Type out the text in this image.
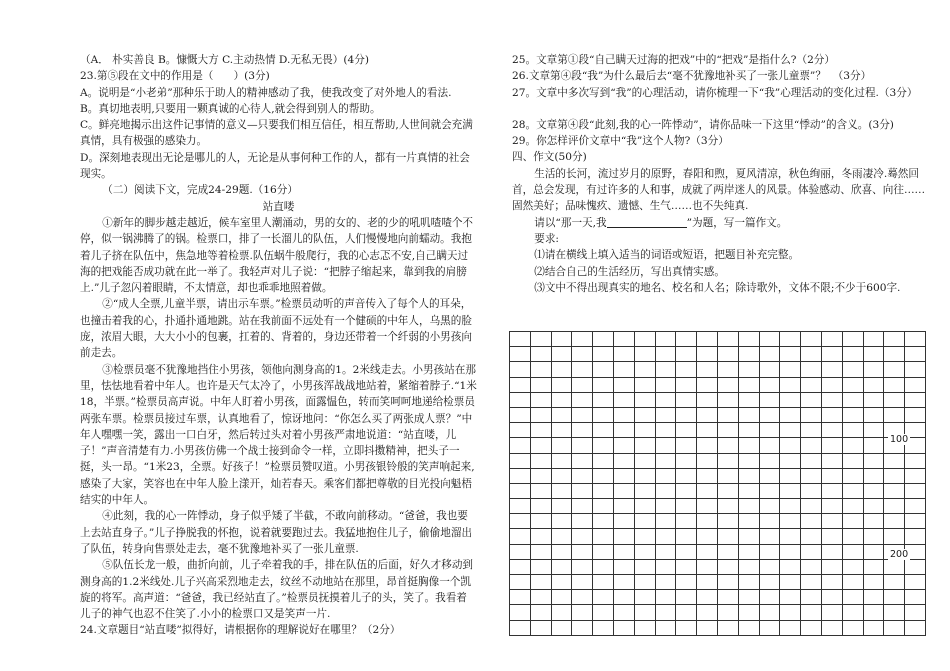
（A． 朴实善良 B。慷慨大方 C.主动热情 D.无私无畏）(4分)
23.第⑤段在文中的作用是（      ）(3分)
A。说明是“小老弟”那种乐于助人的精神感动了我，使我改变了对外地人的看法.
B。真切地表明,只要用一颗真诚的心待人,就会得到别人的帮助。
C。鲜亮地揭示出这件记事情的意义—只要我们相互信任，相互帮助,人世间就会充满真情，具有极强的感染力。
D。深刻地表现出无论是哪儿的人，无论是从事何种工作的人，都有一片真情的社会现实。
（二）阅读下文，完成24-29题.（16分）
站直喽
①新年的脚步越走越近，候车室里人潮涌动，男的女的、老的少的吼叽喳喳个不停，似一锅沸腾了的锅。检票口，排了一长溜儿的队伍，人们慢慢地向前蠕动。我抱着儿子挤在队伍中，焦急地等着检票.队伍蜗牛般爬行，我的心志忑不安,自己瞒天过海的把戏能否成功就在此一举了。我轻声对儿子说：“把脖子缩起来，靠到我的肩膀上.”儿子忽闪着眼睛，不太情意，却也乖乖地照着做。
②“成人全票,儿童半票，请出示车票。”检票员动听的声音传入了每个人的耳朵，也撞击着我的心，扑通扑通地跳。站在我前面不远处有一个健硕的中年人，乌黑的脸庞，浓眉大眼，大大小小的包裹，扛着的、背着的，身边还带着一个纤弱的小男孩向前走去。
③检票员毫不犹豫地挡住小男孩，领他向测身高的1。2米线走去。小男孩站在那里，怯怯地看着中年人。也许是天气太冷了，小男孩浑战战地站着，紧缩着脖子.“1米18，半票。”检票员高声说。中年人盯着小男孩，面露愠色，转而笑呵呵地递给检票员两张车票。检票员接过车票，认真地看了，惊讶地问：“你怎么买了两张成人票？”中年人嘿嘿一笑，露出一口白牙，然后转过头对着小男孩严肃地说道：“站直喽，儿子！”声音清楚有力.小男孩仿佛一个战士接到命令一样，立即抖擞精神，把头子一挺，头一昂。“1米23，全票。好孩子！”检票员赞叹道。小男孩银铃般的笑声响起来,感染了大家，笑容也在中年人脸上漾开，灿若春天。乘客们都把尊敬的目光投向魁梧结实的中年人。
④此刻，我的心一阵悸动，身子似乎矮了半截，不敢向前移动。“爸爸，我也要上去站直身子。”儿子挣脱我的怀抱，说着就要跑过去。我猛地抱住儿子，偷偷地溜出了队伍，转身向售票处走去，毫不犹豫地补买了一张儿童票.
⑤队伍长龙一般，曲折向前，儿子牵着我的手，排在队伍的后面，好久才移动到测身高的1.2米线处.儿子兴高采烈地走去，纹丝不动地站在那里，昂首挺胸像一个凯旋的将军。高声道：“爸爸，我已经站直了。”检票员抚摸着儿子的头，笑了。我看着儿子的神气也忍不住笑了.小小的检票口又是笑声一片.
24.文章题目“站直喽”拟得好，请根据你的理解说好在哪里？（2分）
25。文章第①段“自己瞒天过海的把戏”中的“把戏”是指什么?（2分）
26.文章第④段“我”为什么最后去“毫不犹豫地补买了一张儿童票”？  （3分）
27。文章中多次写到“我”的心理活动，请你梳理一下“我”心理活动的变化过程.（3分）
28。文章第④段“此刻,我的心一阵悸动”，请你品味一下这里“悸动”的含义。(3分)
29。你怎样评价文章中“我”这个人物?（3分）
四、作文(50分)
生活的长河，流过岁月的原野，春阳和煦，夏风清凉，秋色绚丽，冬雨凄冷.蓦然回首，总会发现，有过许多的人和事，成就了两岸迷人的风景。体验感动、欣喜、向往……固然美好；品味愧疚、遗憾、生气……也不失纯真.
请以“那一天,我	”为题，写一篇作文。
要求:
⑴请在横线上填入适当的词语或短语，把题目补充完整。
⑵结合自己的生活经历，写出真情实感。
⑶文中不得出现真实的地名、校名和人名；除诗歌外，文体不限;不少于600字.

100
200
